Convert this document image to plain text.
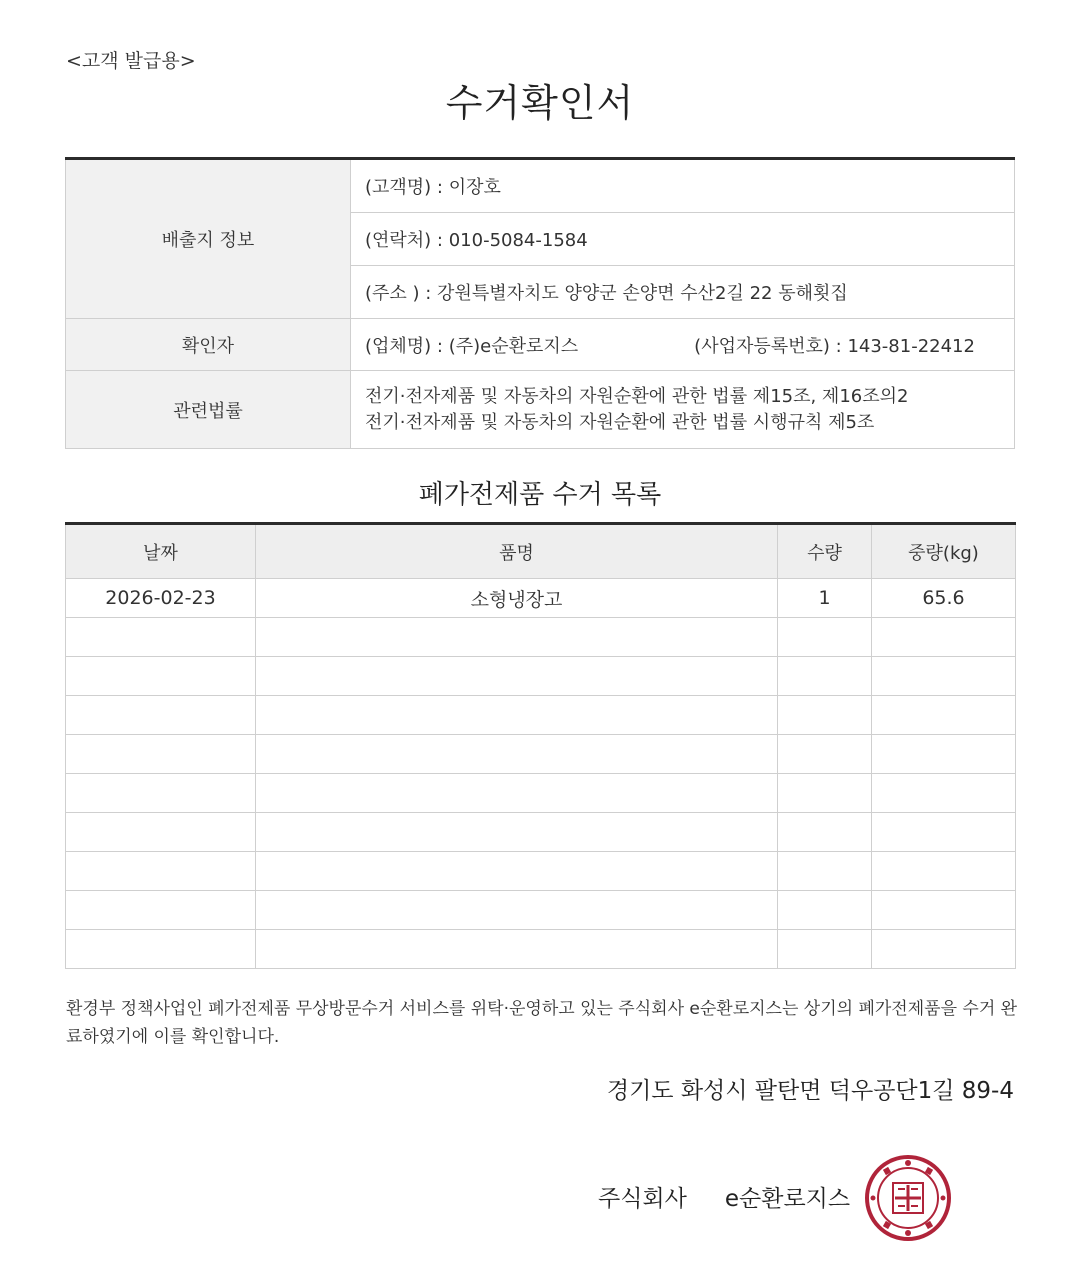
<고객 발급용>
수거확인서
배출지 정보	(고객명) : 이장호
	(연락처) : 010-5084-1584
	(주소 ) : 강원특별자치도 양양군 손양면 수산2길 22 동해횟집
확인자	(업체명) : (주)e순환로지스 (사업자등록번호) : 143-81-22412
관련법률	전기·전자제품 및 자동차의 자원순환에 관한 법률 제15조, 제16조의2
전기·전자제품 및 자동차의 자원순환에 관한 법률 시행규칙 제5조
폐가전제품 수거 목록
날짜	품명	수량	중량(kg)
2026-02-23	소형냉장고	1	65.6

환경부 정책사업인 폐가전제품 무상방문수거 서비스를 위탁·운영하고 있는 주식회사 e순환로지스는 상기의 폐가전제품을 수거 완료하였기에 이를 확인합니다.
경기도 화성시 팔탄면 덕우공단1길 89-4
주식회사 e순환로지스
